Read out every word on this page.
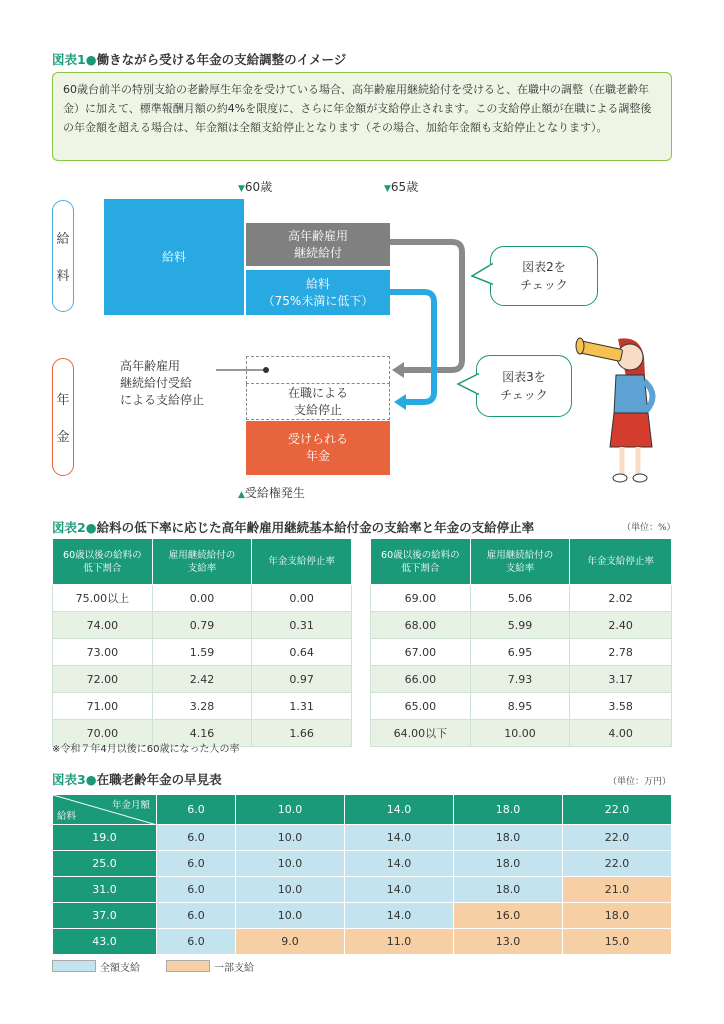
図表1●働きながら受ける年金の支給調整のイメージ
60歳台前半の特別支給の老齢厚生年金を受けている場合、高年齢雇用継続給付を受けると、在職中の調整（在職老齢年金）に加えて、標準報酬月額の約4%を限度に、さらに年金額が支給停止されます。この支給停止額が在職による調整後の年金額を超える場合は、年金額は全額支給停止となります（その場合、加給年金額も支給停止となります）。
▼60歳	▼65歳
給
料
年
金
給料
高年齢雇用
継続給付
給料
（75%未満に低下）
高年齢雇用
継続給付受給
による支給停止
在職による
支給停止
受けられる
年金
▲受給権発生
図表2を
チェック
図表3を
チェック
図表2●給料の低下率に応じた高年齢雇用継続基本給付金の支給率と年金の支給停止率	（単位：%）
60歳以後の給料の
低下割合	雇用継続給付の
支給率	年金支給停止率
75.00以上	0.00	0.00
74.00	0.79	0.31
73.00	1.59	0.64
72.00	2.42	0.97
71.00	3.28	1.31
70.00	4.16	1.66
60歳以後の給料の
低下割合	雇用継続給付の
支給率	年金支給停止率
69.00	5.06	2.02
68.00	5.99	2.40
67.00	6.95	2.78
66.00	7.93	3.17
65.00	8.95	3.58
64.00以下	10.00	4.00
※令和７年4月以後に60歳になった人の率
図表3●在職老齢年金の早見表	（単位：万円）
年金月額
給料	6.0	10.0	14.0	18.0	22.0
19.0	6.0	10.0	14.0	18.0	22.0
25.0	6.0	10.0	14.0	18.0	22.0
31.0	6.0	10.0	14.0	18.0	21.0
37.0	6.0	10.0	14.0	16.0	18.0
43.0	6.0	9.0	11.0	13.0	15.0
全額支給	一部支給
